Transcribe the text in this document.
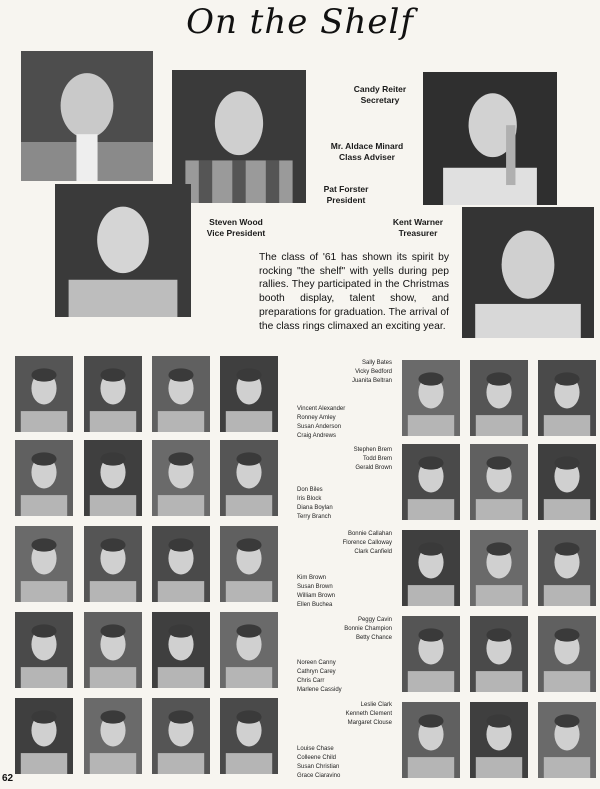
On the Shelf
Candy Reiter
Secretary
Mr. Aldace Minard
Class Adviser
Pat Forster
President
Steven Wood
Vice President
Kent Warner
Treasurer
The class of '61 has shown its spirit by rocking "the shelf" with yells during pep rallies. They participated in the Christmas booth display, talent show, and preparations for graduation. The arrival of the class rings climaxed an exciting year.
Vincent Alexander
Ronney Amley
Susan Anderson
Craig Andrews
Don Biles
Iris Block
Diana Boylan
Terry Branch
Kim Brown
Susan Brown
William Brown
Ellen Buchea
Noreen Canny
Cathryn Carey
Chris Carr
Marlene Cassidy
Louise Chase
Colleene Child
Susan Christian
Grace Ciaravino
Sally Bates
Vicky Bedford
Juanita Beltran
Stephen Brem
Todd Brem
Gerald Brown
Bonnie Callahan
Florence Calloway
Clark Canfield
Peggy Cavin
Bonnie Champion
Betty Chance
Leslie Clark
Kenneth Clement
Margaret Clouse
62
